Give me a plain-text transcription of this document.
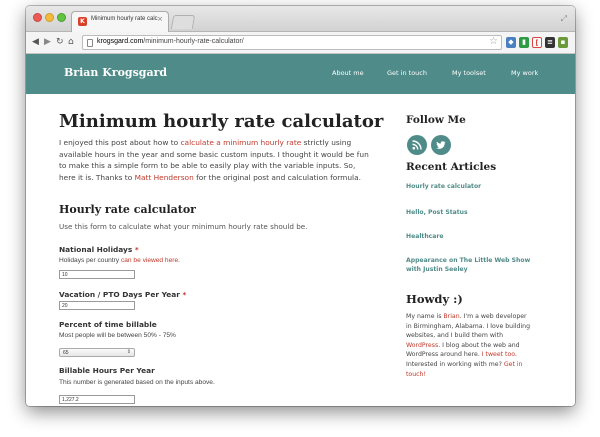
K	Minimum hourly rate calc ×	⤢
◀ ▶ ↻ ⌂	krogsgard.com/minimum-hourly-rate-calculator/	☆	◆	▮	[	≡	▪
Brian Krogsgard	About me	Get in touch	My toolset	My work
Minimum hourly rate calculator

I enjoyed this post about how to calculate a minimum hourly rate strictly using available hours in the year and some basic custom inputs. I thought it would be fun to make this a simple form to be able to easily play with the variable inputs. So, here it is. Thanks to Matt Henderson for the original post and calculation formula.

Hourly rate calculator

Use this form to calculate what your minimum hourly rate should be.

National Holidays *
Holidays per country can be viewed here.
10
Vacation / PTO Days Per Year *
20
Percent of time billable
Most people will be between 50% - 75%
65	⇕
Billable Hours Per Year
This number is generated based on the inputs above.
1,227.2
Follow Me
Recent Articles
Hourly rate calculator
Hello, Post Status
Healthcare
Appearance on The Little Web Show with Justin Seeley
Howdy :)

My name is Brian. I'm a web developer in Birmingham, Alabama. I love building websites, and I build them with WordPress. I blog about the web and WordPress around here. I tweet too. Interested in working with me? Get in touch!
